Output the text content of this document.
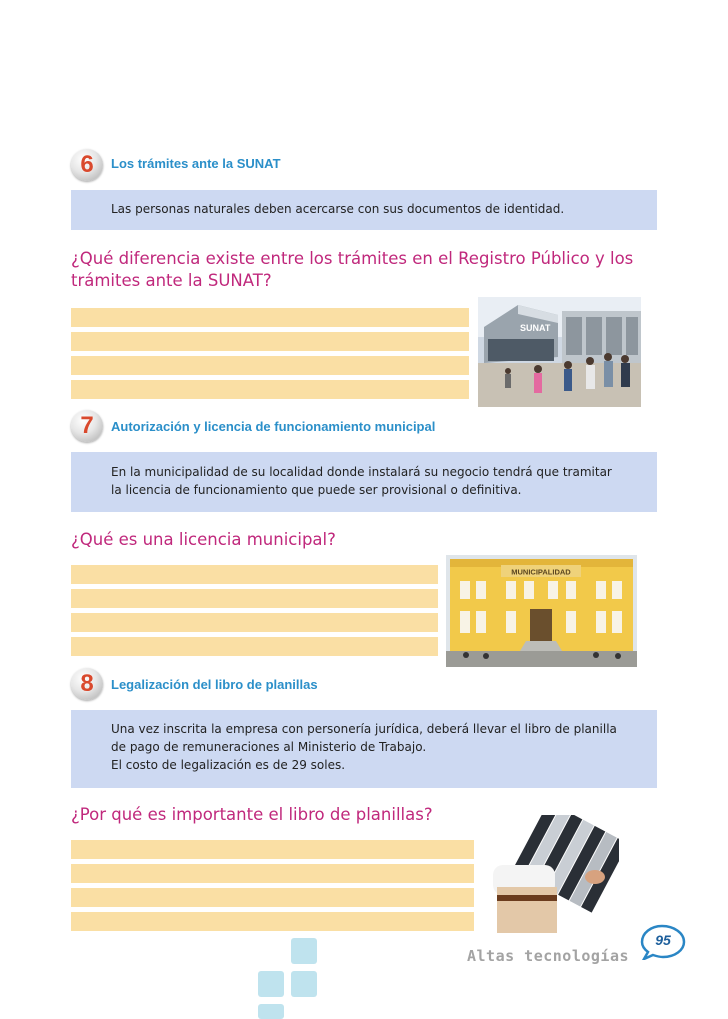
6	Los trámites ante la SUNAT
Las personas naturales deben acercarse con sus documentos de identidad.
¿Qué diferencia existe entre los trámites en el Registro Público y los
trámites ante la SUNAT?
SUNAT
7	Autorización y licencia de funcionamiento municipal
En la municipalidad de su localidad donde instalará su negocio tendrá que tramitar
la licencia de funcionamiento que puede ser provisional o definitiva.
¿Qué es una licencia municipal?
MUNICIPALIDAD
8	Legalización del libro de planillas
Una vez inscrita la empresa con personería jurídica, deberá llevar el libro de planilla
de pago de remuneraciones al Ministerio de Trabajo.
El costo de legalización es de 29 soles.
¿Por qué es importante el libro de planillas?
Altas tecnologías
95
